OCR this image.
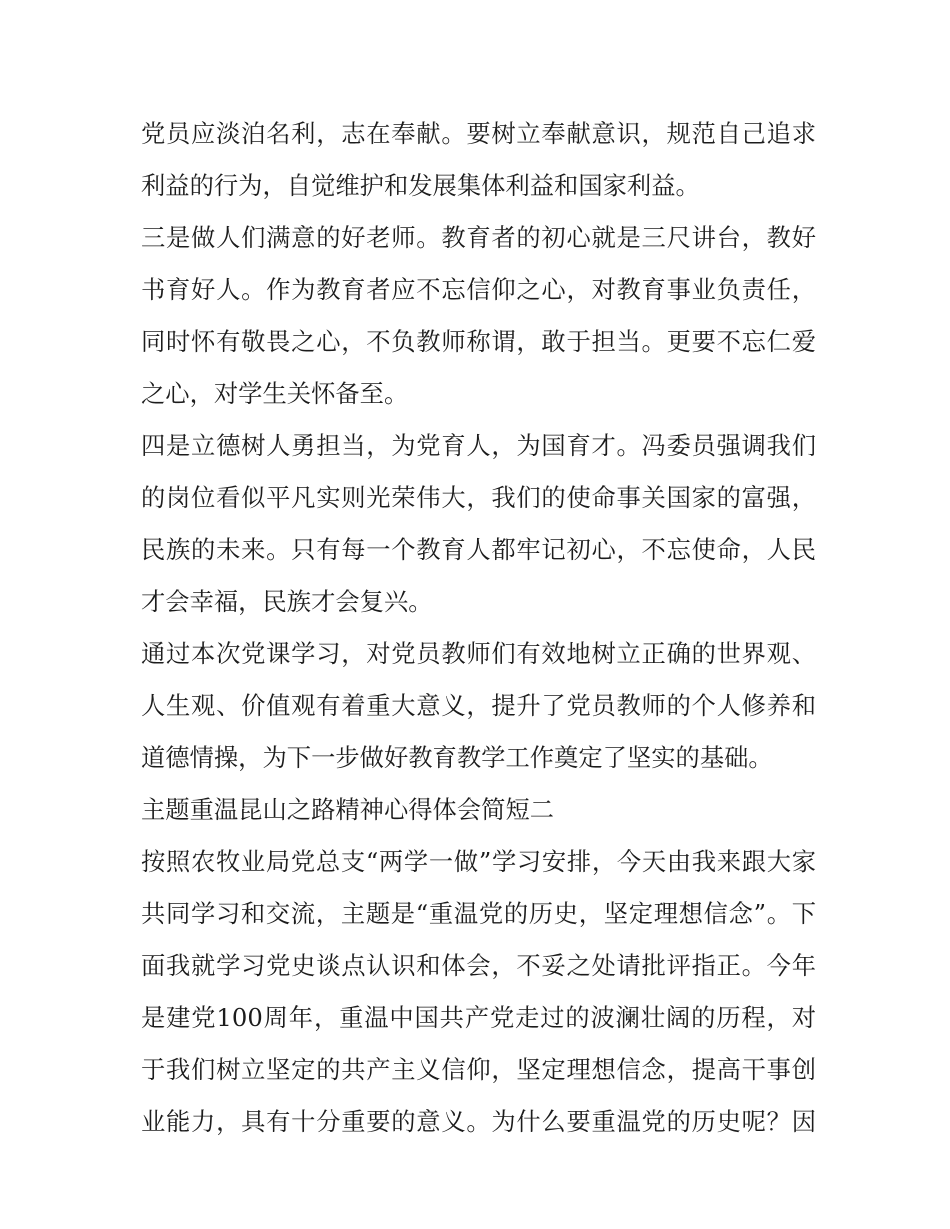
党员应淡泊名利，志在奉献。要树立奉献意识，规范自己追求
利益的行为，自觉维护和发展集体利益和国家利益。
三是做人们满意的好老师。教育者的初心就是三尺讲台，教好
书育好人。作为教育者应不忘信仰之心，对教育事业负责任，
同时怀有敬畏之心，不负教师称谓，敢于担当。更要不忘仁爱
之心，对学生关怀备至。
四是立德树人勇担当，为党育人，为国育才。冯委员强调我们
的岗位看似平凡实则光荣伟大，我们的使命事关国家的富强，
民族的未来。只有每一个教育人都牢记初心，不忘使命，人民
才会幸福，民族才会复兴。
通过本次党课学习，对党员教师们有效地树立正确的世界观、
人生观、价值观有着重大意义，提升了党员教师的个人修养和
道德情操，为下一步做好教育教学工作奠定了坚实的基础。
主题重温昆山之路精神心得体会简短二
按照农牧业局党总支“两学一做”学习安排，今天由我来跟大家
共同学习和交流，主题是“重温党的历史，坚定理想信念”。下
面我就学习党史谈点认识和体会，不妥之处请批评指正。今年
是建党100周年，重温中国共产党走过的波澜壮阔的历程，对
于我们树立坚定的共产主义信仰，坚定理想信念，提高干事创
业能力，具有十分重要的意义。为什么要重温党的历史呢？因
